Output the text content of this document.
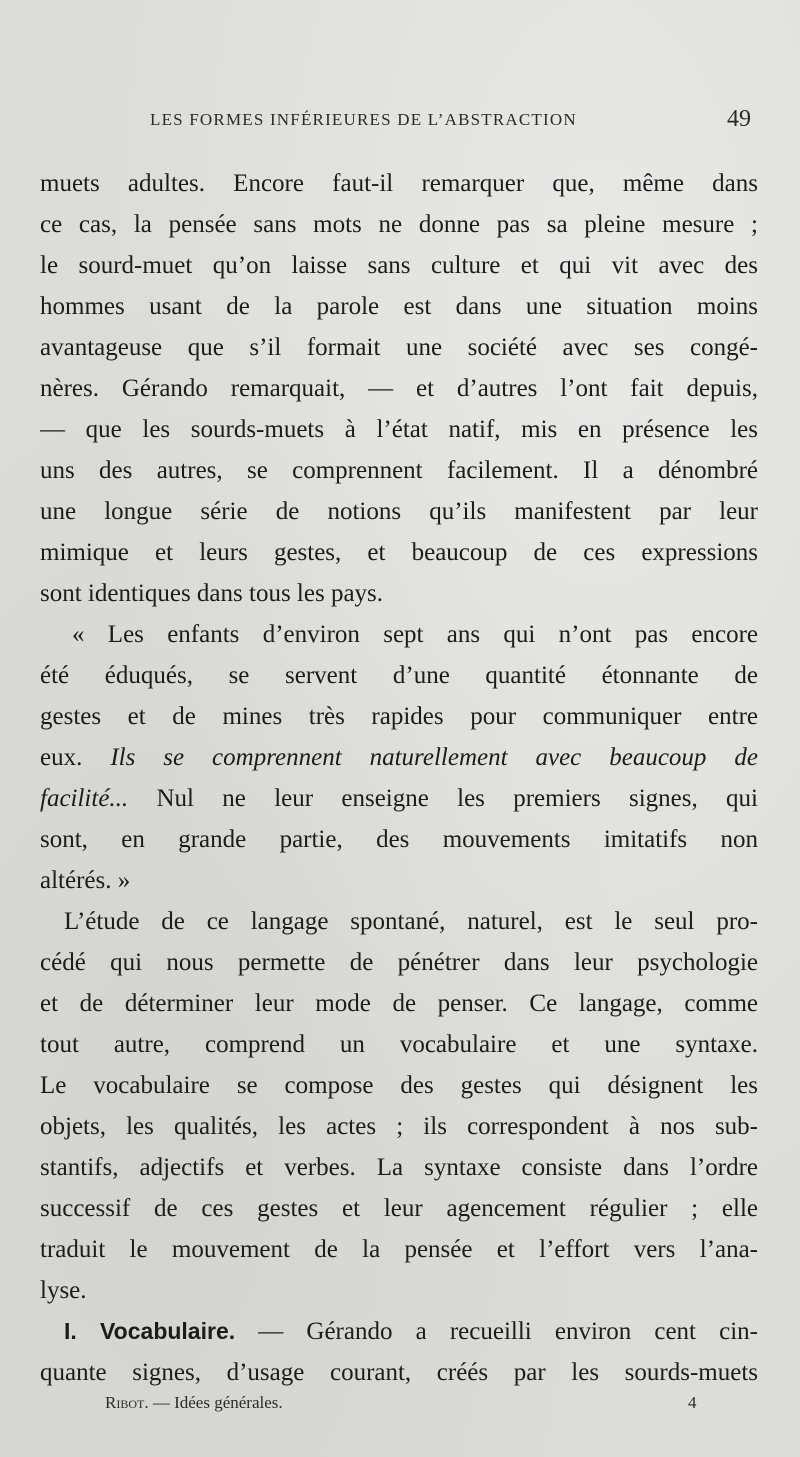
LES FORMES INFÉRIEURES DE L’ABSTRACTION	49
muets adultes. Encore faut-il remarquer que, même dans
ce cas, la pensée sans mots ne donne pas sa pleine mesure ;
le sourd-muet qu’on laisse sans culture et qui vit avec des
hommes usant de la parole est dans une situation moins
avantageuse que s’il formait une société avec ses congé-
nères. Gérando remarquait, — et d’autres l’ont fait depuis,
— que les sourds-muets à l’état natif, mis en présence les
uns des autres, se comprennent facilement. Il a dénombré
une longue série de notions qu’ils manifestent par leur
mimique et leurs gestes, et beaucoup de ces expressions
sont identiques dans tous les pays.
« Les enfants d’environ sept ans qui n’ont pas encore
été éduqués, se servent d’une quantité étonnante de
gestes et de mines très rapides pour communiquer entre
eux. Ils se comprennent naturellement avec beaucoup de
facilité... Nul ne leur enseigne les premiers signes, qui
sont, en grande partie, des mouvements imitatifs non
altérés. »
L’étude de ce langage spontané, naturel, est le seul pro-
cédé qui nous permette de pénétrer dans leur psychologie
et de déterminer leur mode de penser. Ce langage, comme
tout autre, comprend un vocabulaire et une syntaxe.
Le vocabulaire se compose des gestes qui désignent les
objets, les qualités, les actes ; ils correspondent à nos sub-
stantifs, adjectifs et verbes. La syntaxe consiste dans l’ordre
successif de ces gestes et leur agencement régulier ; elle
traduit le mouvement de la pensée et l’effort vers l’ana-
lyse.
I. Vocabulaire. — Gérando a recueilli environ cent cin-
quante signes, d’usage courant, créés par les sourds-muets
Ribot. — Idées générales.	4
